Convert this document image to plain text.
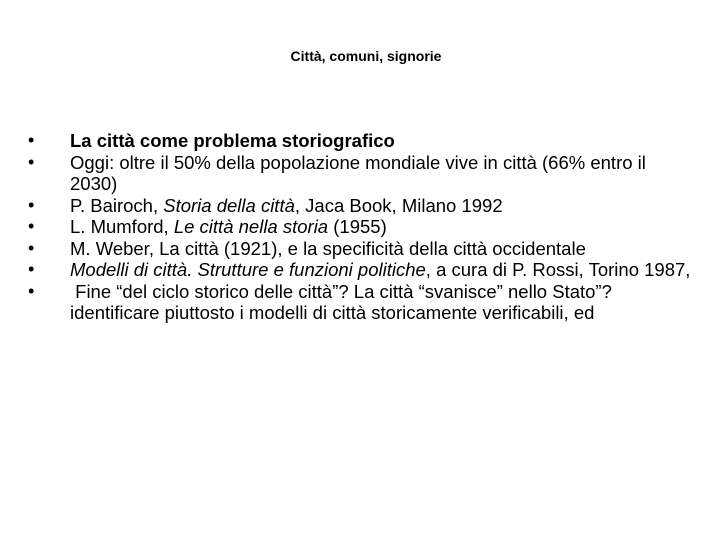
Città, comuni, signorie
•	La città come problema storiografico
•	Oggi: oltre il 50% della popolazione mondiale vive in città (66% entro il 2030)
•	P. Bairoch, Storia della città, Jaca Book, Milano 1992
•	L. Mumford, Le città nella storia (1955)
•	M. Weber, La città (1921), e la specificità della città occidentale
•	Modelli di città. Strutture e funzioni politiche, a cura di P. Rossi, Torino 1987,
•	Fine “del ciclo storico delle città”? La città “svanisce” nello Stato”? identificare piuttosto i modelli di città storicamente verificabili, ed
